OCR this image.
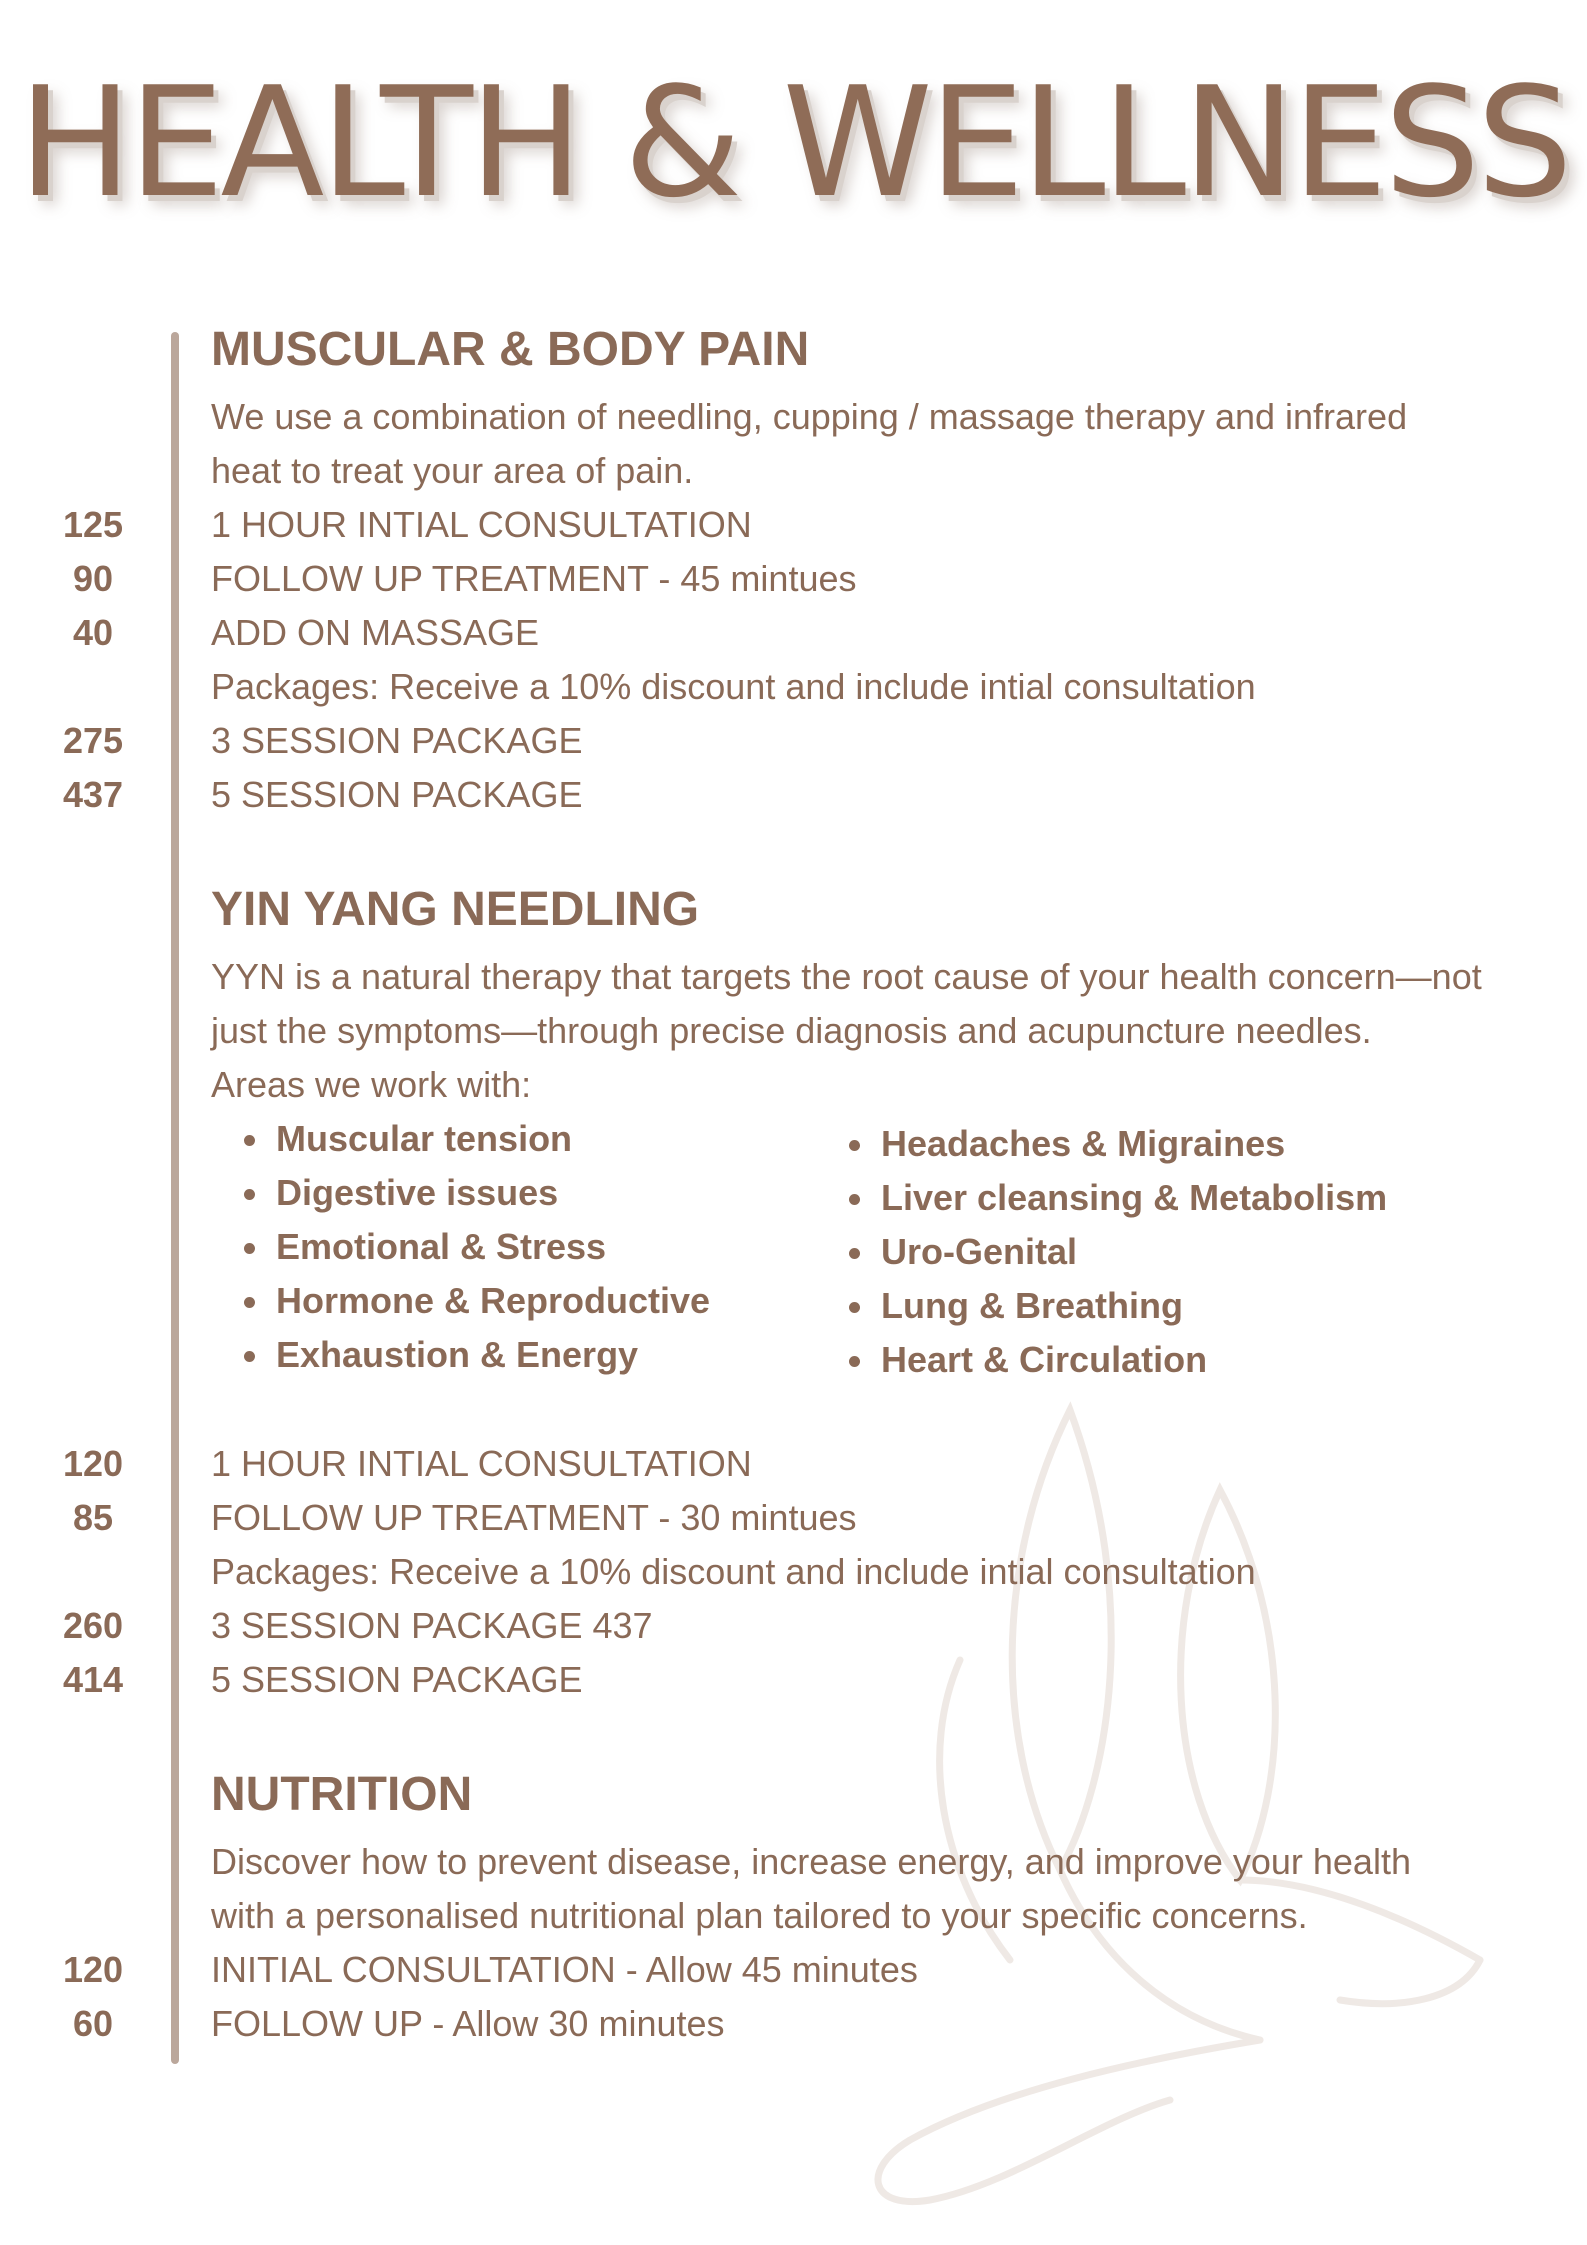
HEALTH & WELLNESS
MUSCULAR & BODY PAIN
We use a combination of needling, cupping / massage therapy and infrared
heat to treat your area of pain.
125	1 HOUR INTIAL CONSULTATION
90	FOLLOW UP TREATMENT - 45 mintues
40	ADD ON MASSAGE
Packages: Receive a 10% discount and include intial consultation
275	3 SESSION PACKAGE
437	5 SESSION PACKAGE
YIN YANG NEEDLING
YYN is a natural therapy that targets the root cause of your health concern—not
just the symptoms—through precise diagnosis and acupuncture needles.
Areas we work with:
Muscular tension
Digestive issues
Emotional & Stress
Hormone & Reproductive
Exhaustion & Energy
Headaches & Migraines
Liver cleansing & Metabolism
Uro-Genital
Lung & Breathing
Heart & Circulation
120	1 HOUR INTIAL CONSULTATION
85	FOLLOW UP TREATMENT - 30 mintues
Packages: Receive a 10% discount and include intial consultation
260	3 SESSION PACKAGE 437
414	5 SESSION PACKAGE
NUTRITION
Discover how to prevent disease, increase energy, and improve your health
with a personalised nutritional plan tailored to your specific concerns.
120	INITIAL CONSULTATION - Allow 45 minutes
60	FOLLOW UP - Allow 30 minutes
